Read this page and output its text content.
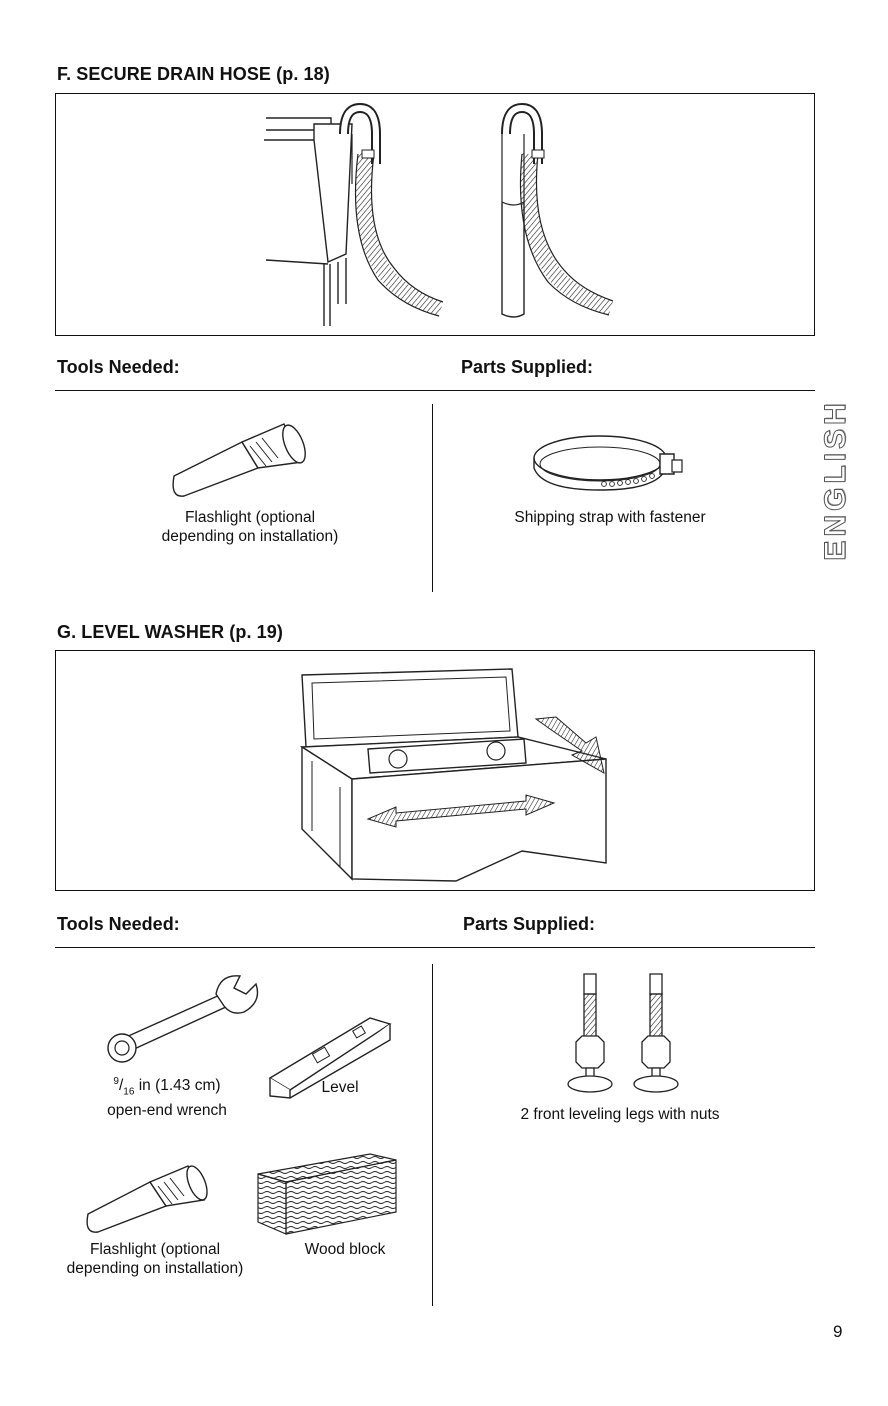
F. SECURE DRAIN HOSE (p. 18)
Tools Needed:	Parts Supplied:
Flashlight (optional
depending on installation)
Shipping strap with fastener	ENGLISH
G. LEVEL WASHER (p. 19)
Tools Needed:	Parts Supplied:
$^9/_{16}$ in (1.43 cm)
open-end wrench
Level
Flashlight (optional
depending on installation)
Wood block
2 front leveling legs with nuts
9
